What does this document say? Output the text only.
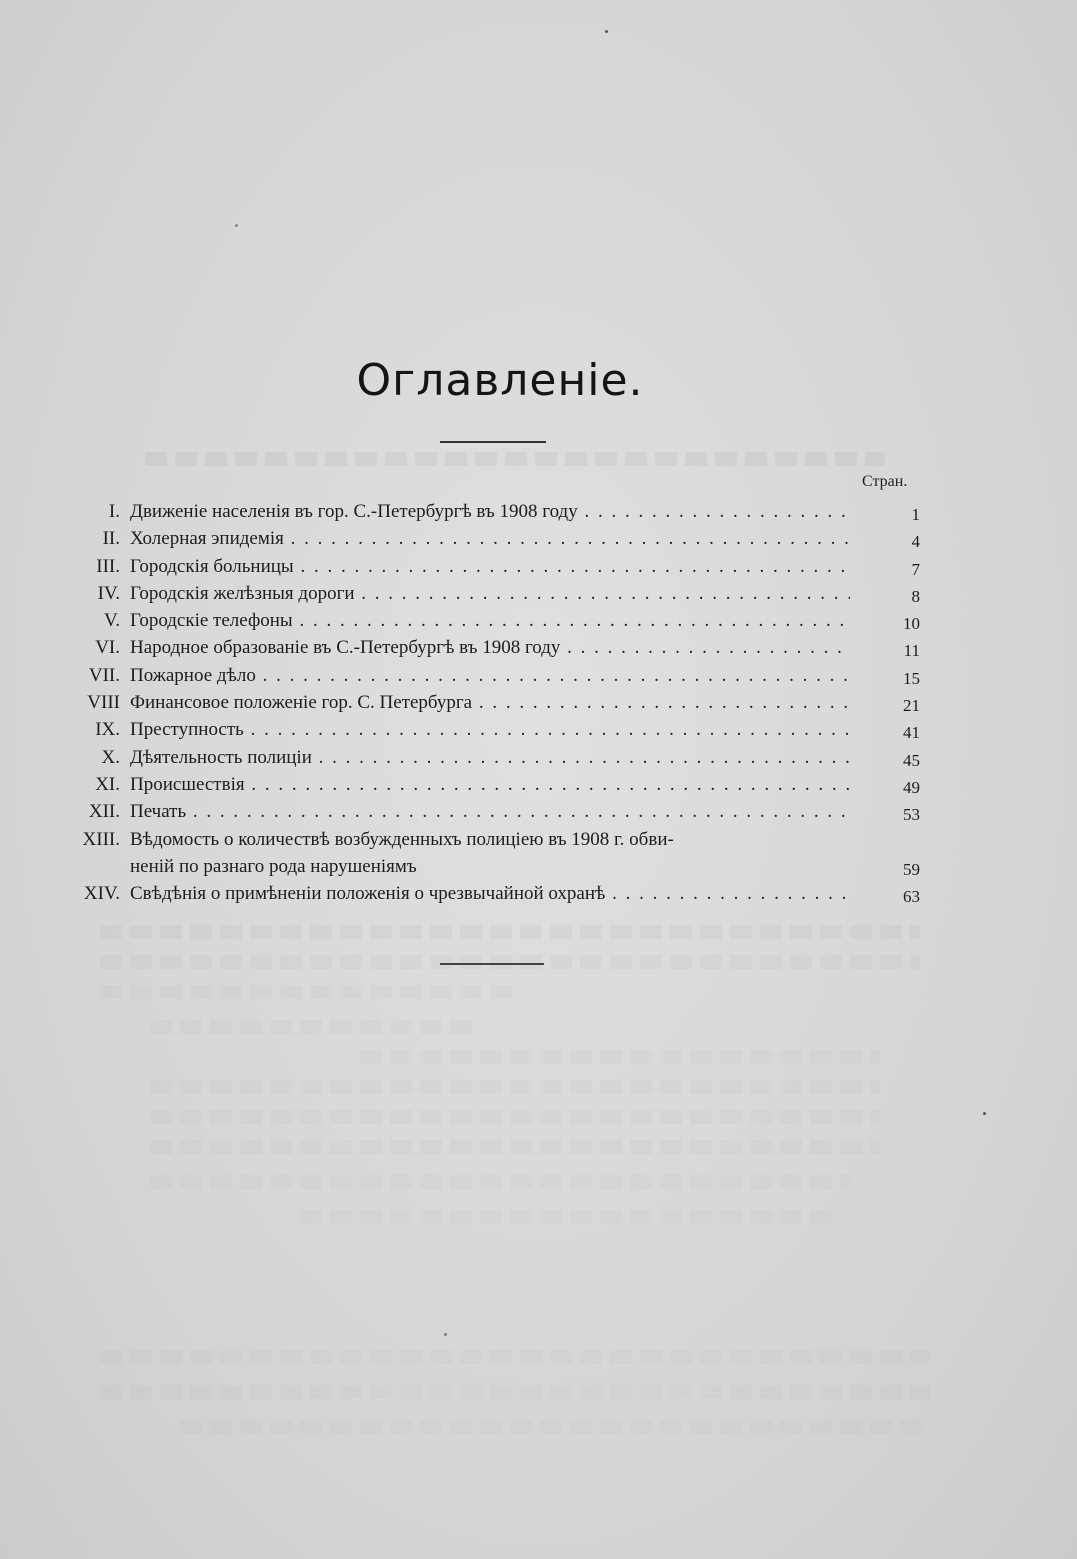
Оглавленіе.
Стран.
I. Движеніе населенія въ гор. С.-Петербургѣ въ 1908 году . . .	1
II. Холерная эпидемія . . .	4
III. Городскія больницы . . .	7
IV. Городскія желѣзныя дороги . . .	8
V. Городскіе телефоны . . .	10
VI. Народное образованіе въ С.-Петербургѣ въ 1908 году . . .	11
VII. Пожарное дѣло . . .	15
VIII Финансовое положеніе гор. С. Петербурга . . .	21
IX. Преступность . . .	41
X. Дѣятельность полиціи . . .	45
XI. Происшествія . . .	49
XII. Печать . . .	53
XIII. Вѣдомость о количествѣ возбужденныхъ полиціею въ 1908 г. обви-
неній по разнаго рода нарушеніямъ	59
XIV. Свѣдѣнія о примѣненіи положенія о чрезвычайной охранѣ . . .	63
